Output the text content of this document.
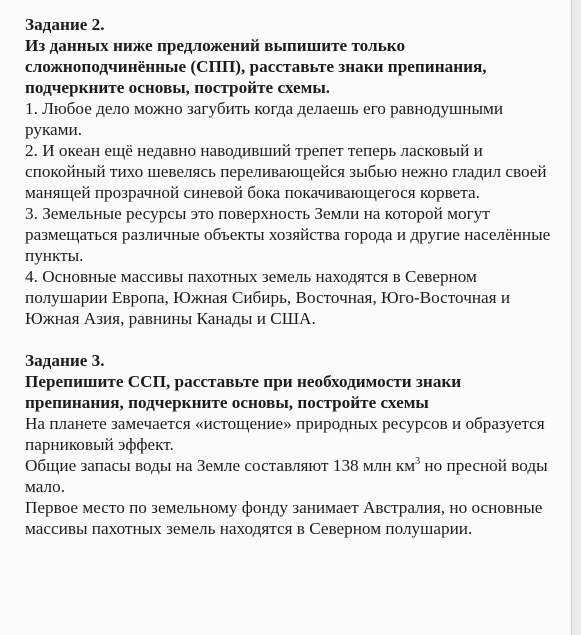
Задание 2.

Из данных ниже предложений выпишите только сложноподчинённые (СПП), расставьте знаки препинания, подчеркните основы, постройте схемы.

1. Любое дело можно загубить когда делаешь его равнодушными руками.

2. И океан ещё недавно наводивший трепет теперь ласковый и спокойный тихо шевелясь переливающейся зыбью нежно гладил своей манящей прозрачной синевой бока покачивающегося корвета.

3. Земельные ресурсы это поверхность Земли на которой могут размещаться различные объекты хозяйства города и другие населённые пункты.

4. Основные массивы пахотных земель находятся в Северном полушарии Европа, Южная Сибирь, Восточная, Юго-Восточная и Южная Азия, равнины Канады и США.

Задание 3.

Перепишите ССП, расставьте при необходимости знаки препинания, подчеркните основы, постройте схемы

На планете замечается «истощение» природных ресурсов и образуется парниковый эффект.

Общие запасы воды на Земле составляют 138 млн $км^3$ но пресной воды мало.

Первое место по земельному фонду занимает Австралия, но основные массивы пахотных земель находятся в Северном полушарии.
